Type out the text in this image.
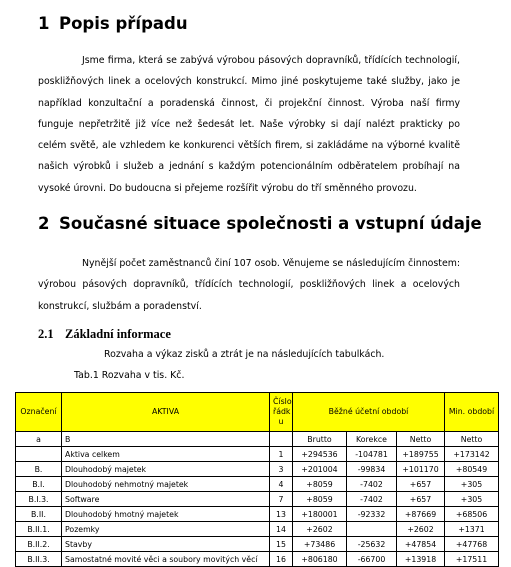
1 Popis případu

Jsme firma, která se zabývá výrobou pásových dopravníků, třídících technologií, poskližňových linek a ocelových konstrukcí. Mimo jiné poskytujeme také služby, jako je například konzultační a poradenská činnost, či projekční činnost. Výroba naší firmy funguje nepřetržitě již více než šedesát let. Naše výrobky si dají nalézt prakticky po celém světě, ale vzhledem ke konkurenci větších firem, si zakládáme na výborné kvalitě našich výrobků i služeb a jednání s každým potencionálním odběratelem probíhají na vysoké úrovni. Do budoucna si přejeme rozšířit výrobu do tří směnného provozu.

2 Současné situace společnosti a vstupní údaje

Nynější počet zaměstnanců činí 107 osob. Věnujeme se následujícím činnostem: výrobou pásových dopravníků, třídících technologií, poskližňových linek a ocelových konstrukcí, službám a poradenství.

2.1 Základní informace
Rozvaha a výkaz zisků a ztrát je na následujících tabulkách.
Tab.1 Rozvaha v tis. Kč.
Označení	AKTIVA	Číslo řádk u	Běžné účetní období			Min. období
a	B		Brutto	Korekce	Netto	Netto
	Aktiva celkem	1	+294536	-104781	+189755	+173142
B.	Dlouhodobý majetek	3	+201004	-99834	+101170	+80549
B.I.	Dlouhodobý nehmotný majetek	4	+8059	-7402	+657	+305
B.I.3.	Software	7	+8059	-7402	+657	+305
B.II.	Dlouhodobý hmotný majetek	13	+180001	-92332	+87669	+68506
B.II.1.	Pozemky	14	+2602		+2602	+1371
B.II.2.	Stavby	15	+73486	-25632	+47854	+47768
B.II.3.	Samostatné movité věci a soubory movitých věcí	16	+806180	-66700	+13918	+17511
